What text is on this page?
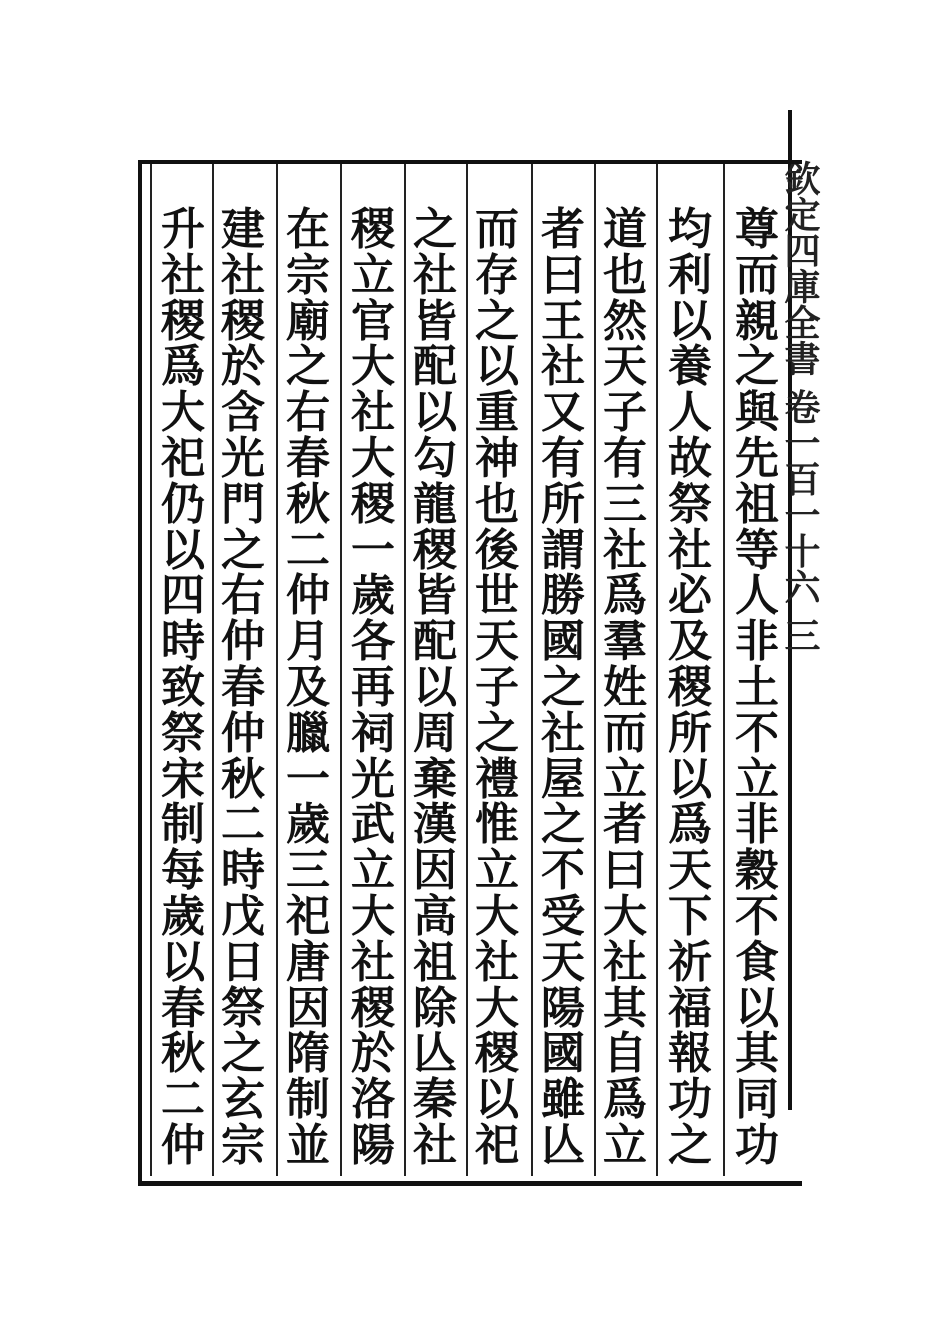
欽定四庫全書 卷一百一十六 三
尊
而
親
之
與
先
祖
等
人
非
土
不
立
非
穀
不
食
以
其
同
功
均
利
以
養
人
故
祭
社
必
及
稷
所
以
爲
天
下
祈
福
報
功
之
道
也
然
天
子
有
三
社
爲
羣
姓
而
立
者
曰
大
社
其
自
爲
立
者
曰
王
社
又
有
所
謂
勝
國
之
社
屋
之
不
受
天
陽
國
雖
亾
而
存
之
以
重
神
也
後
世
天
子
之
禮
惟
立
大
社
大
稷
以
祀
之
社
皆
配
以
勾
龍
稷
皆
配
以
周
棄
漢
因
高
祖
除
亾
秦
社
稷
立
官
大
社
大
稷
一
歲
各
再
祠
光
武
立
大
社
稷
於
洛
陽
在
宗
廟
之
右
春
秋
二
仲
月
及
臘
一
歲
三
祀
唐
因
隋
制
並
建
社
稷
於
含
光
門
之
右
仲
春
仲
秋
二
時
戊
日
祭
之
玄
宗
升
社
稷
爲
大
祀
仍
以
四
時
致
祭
宋
制
每
歲
以
春
秋
二
仲
